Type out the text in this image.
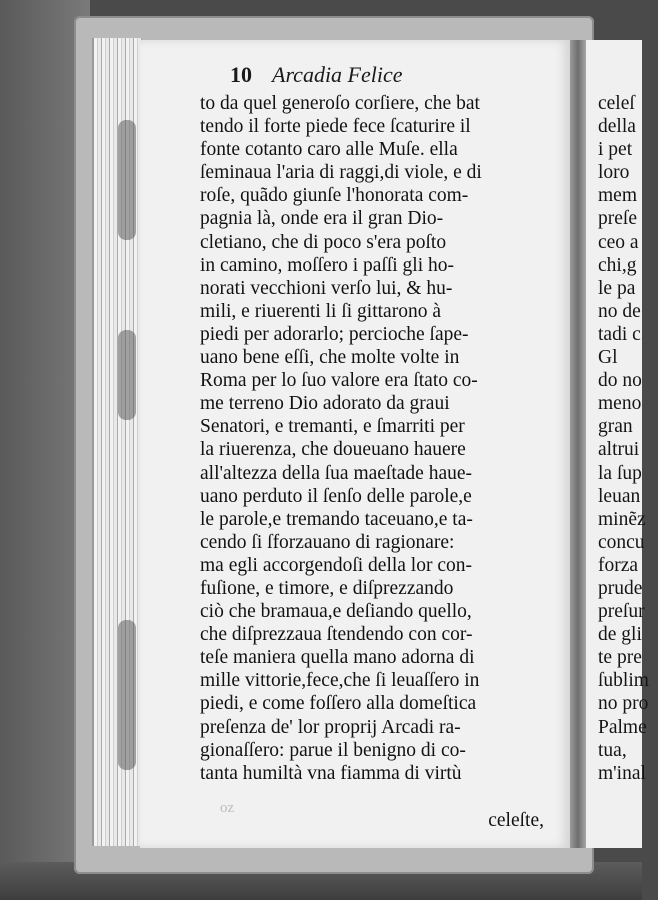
10 Arcadia Felice
to da quel generoſo corſiere, che bat
tendo il forte piede fece ſcaturire il
fonte cotanto caro alle Muſe. ella
ſeminaua l'aria di raggi,di viole, e di
roſe, quãdo giunſe l'honorata com-
pagnia là, onde era il gran Dio-
cletiano, che di poco s'era poſto
in camino, moſſero i paſſi gli ho-
norati vecchioni verſo lui, & hu-
mili, e riuerenti li ſi gittarono à
piedi per adorarlo; percioche ſape-
uano bene eſſi, che molte volte in
Roma per lo ſuo valore era ſtato co-
me terreno Dio adorato da graui
Senatori, e tremanti, e ſmarriti per
la riuerenza, che doueuano hauere
all'altezza della ſua maeſtade haue-
uano perduto il ſenſo delle parole,e
le parole,e tremando taceuano,e ta-
cendo ſi ſforzauano di ragionare:
ma egli accorgendoſi della lor con-
fuſione, e timore, e diſprezzando
ciò che bramaua,e deſiando quello,
che diſprezzaua ſtendendo con cor-
teſe maniera quella mano adorna di
mille vittorie,fece,che ſi leuaſſero in
piedi, e come foſſero alla domeſtica
preſenza de' lor proprij Arcadi ra-
gionaſſero: parue il benigno di co-
tanta humiltà vna fiamma di virtù
celeſte,
oz
celeſ
della
i pet
loro
mem
preſe
ceo a
chi,g
le pa
no de
tadi c
Gl
do no
meno
gran
altrui
la ſup
leuan
minẽz
concu
forza
prude
preſur
de gli
te pre
ſublim
no pro
Palme
tua,
m'inal
